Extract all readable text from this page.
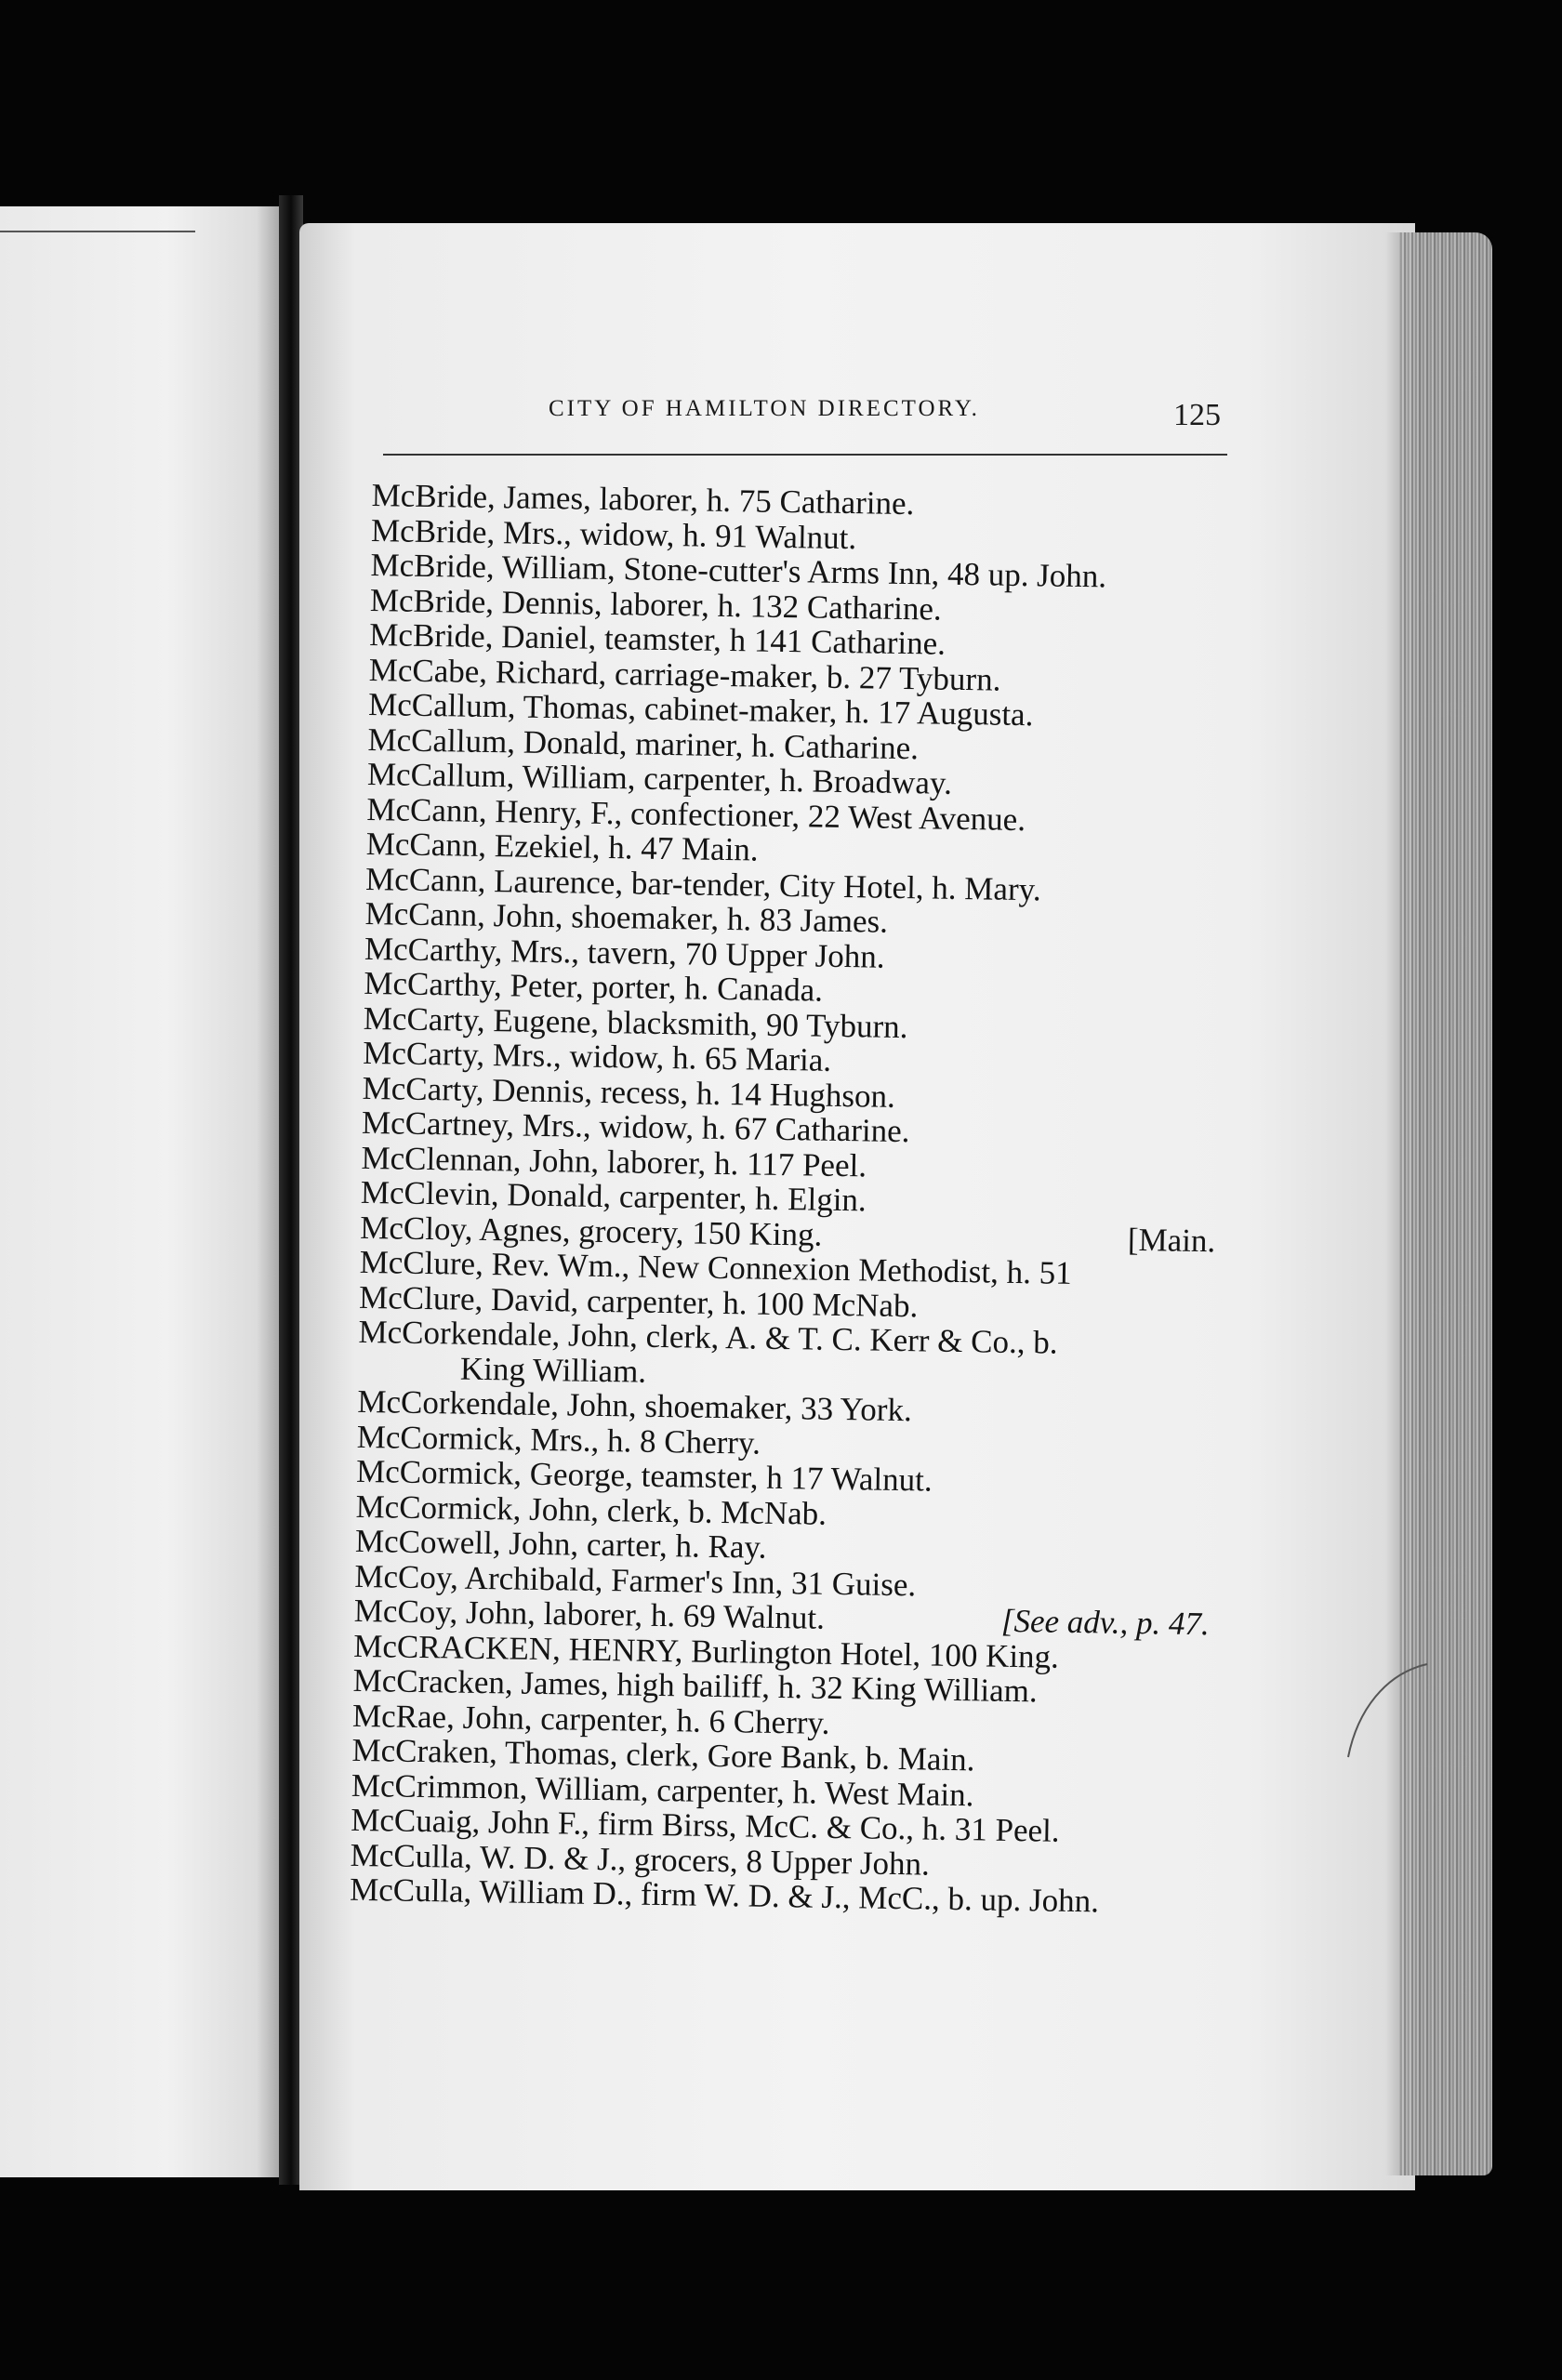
CITY OF HAMILTON DIRECTORY.	125
McBride, James, laborer, h. 75 Catharine.
McBride, Mrs., widow, h. 91 Walnut.
McBride, William, Stone-cutter's Arms Inn, 48 up. John.
McBride, Dennis, laborer, h. 132 Catharine.
McBride, Daniel, teamster, h 141 Catharine.
McCabe, Richard, carriage-maker, b. 27 Tyburn.
McCallum, Thomas, cabinet-maker, h. 17 Augusta.
McCallum, Donald, mariner, h. Catharine.
McCallum, William, carpenter, h. Broadway.
McCann, Henry, F., confectioner, 22 West Avenue.
McCann, Ezekiel, h. 47 Main.
McCann, Laurence, bar-tender, City Hotel, h. Mary.
McCann, John, shoemaker, h. 83 James.
McCarthy, Mrs., tavern, 70 Upper John.
McCarthy, Peter, porter, h. Canada.
McCarty, Eugene, blacksmith, 90 Tyburn.
McCarty, Mrs., widow, h. 65 Maria.
McCarty, Dennis, recess, h. 14 Hughson.
McCartney, Mrs., widow, h. 67 Catharine.
McClennan, John, laborer, h. 117 Peel.
McClevin, Donald, carpenter, h. Elgin.
McCloy, Agnes, grocery, 150 King.	[Main.
McClure, Rev. Wm., New Connexion Methodist, h. 51
McClure, David, carpenter, h. 100 McNab.
McCorkendale, John, clerk, A. & T. C. Kerr & Co., b.
King William.
McCorkendale, John, shoemaker, 33 York.
McCormick, Mrs., h. 8 Cherry.
McCormick, George, teamster, h 17 Walnut.
McCormick, John, clerk, b. McNab.
McCowell, John, carter, h. Ray.
McCoy, Archibald, Farmer's Inn, 31 Guise.
McCoy, John, laborer, h. 69 Walnut.	[See adv., p. 47.
McCRACKEN, HENRY, Burlington Hotel, 100 King.
McCracken, James, high bailiff, h. 32 King William.
McRae, John, carpenter, h. 6 Cherry.
McCraken, Thomas, clerk, Gore Bank, b. Main.
McCrimmon, William, carpenter, h. West Main.
McCuaig, John F., firm Birss, McC. & Co., h. 31 Peel.
McCulla, W. D. & J., grocers, 8 Upper John.
McCulla, William D., firm W. D. & J., McC., b. up. John.
